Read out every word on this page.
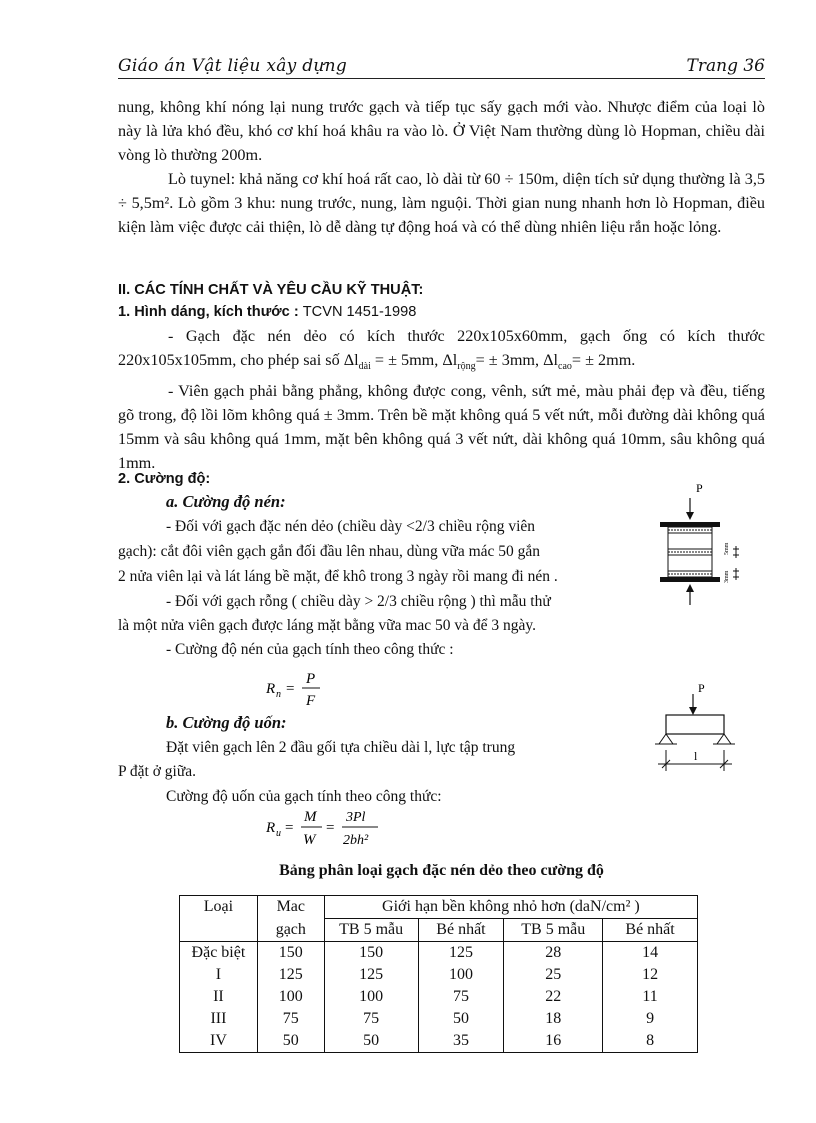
Giáo án Vật liệu xây dựng	Trang 36

nung, không khí nóng lại nung trước gạch và tiếp tục sấy gạch mới vào. Nhược điểm của loại lò này là lửa khó đều, khó cơ khí hoá khâu ra vào lò. Ở Việt Nam thường dùng lò Hopman, chiều dài vòng lò thường 200m.

Lò tuynel: khả năng cơ khí hoá rất cao, lò dài từ 60 ÷ 150m, diện tích sử dụng thường là 3,5 ÷ 5,5m². Lò gồm 3 khu: nung trước, nung, làm nguội. Thời gian nung nhanh hơn lò Hopman, điều kiện làm việc được cải thiện, lò dễ dàng tự động hoá và có thể dùng nhiên liệu rắn hoặc lỏng.

II. CÁC TÍNH CHẤT VÀ YÊU CẦU KỸ THUẬT:
1. Hình dáng, kích thước : TCVN 1451-1998

- Gạch đặc nén dẻo có kích thước 220x105x60mm, gạch ống có kích thước

220x105x105mm, cho phép sai số $\Delta l_{dài}$ = ± 5mm, $\Delta l_{rộng}= \pm 3mm$, $\Delta l_{cao}= \pm 2mm$.

- Viên gạch phải bằng phẳng, không được cong, vênh, sứt mẻ, màu phải đẹp và đều, tiếng gõ trong, độ lồi lõm không quá ± 3mm. Trên bề mặt không quá 5 vết nứt, mỗi đường dài không quá 15mm và sâu không quá 1mm, mặt bên không quá 3 vết nứt, dài không quá 10mm, sâu không quá 1mm.

2. Cường độ:
a. Cường độ nén:
- Đối với gạch đặc nén dẻo (chiều dày <2/3 chiều rộng viên
gạch): cắt đôi viên gạch gắn đối đầu lên nhau, dùng vữa mác 50 gắn
2 nửa viên lại và lát láng bề mặt, để khô trong 3 ngày rồi mang đi nén .
- Đối với gạch rỗng ( chiều dày > 2/3 chiều rộng ) thì mẫu thử
là một nửa viên gạch được láng mặt bằng vữa mac 50 và để 3 ngày.
- Cường độ nén của gạch tính theo công thức :
R n =
P
F
b. Cường độ uốn:
Đặt viên gạch lên 2 đầu gối tựa chiều dài l, lực tập trung
P đặt ở giữa.
Cường độ uốn của gạch tính theo công thức:
R u =
M
W
=
3Pl
2bh²
P
5mm
3mm
P
l
Bảng phân loại gạch đặc nén dẻo theo cường độ
Loại	Mac	Giới hạn bền không nhỏ hơn (daN/cm² )			
	gạch	TB 5 mẫu	Bé nhất	TB 5 mẫu	Bé nhất
Đặc biệt	150	150	125	28	14
I	125	125	100	25	12
II	100	100	75	22	11
III	75	75	50	18	9
IV	50	50	35	16	8
